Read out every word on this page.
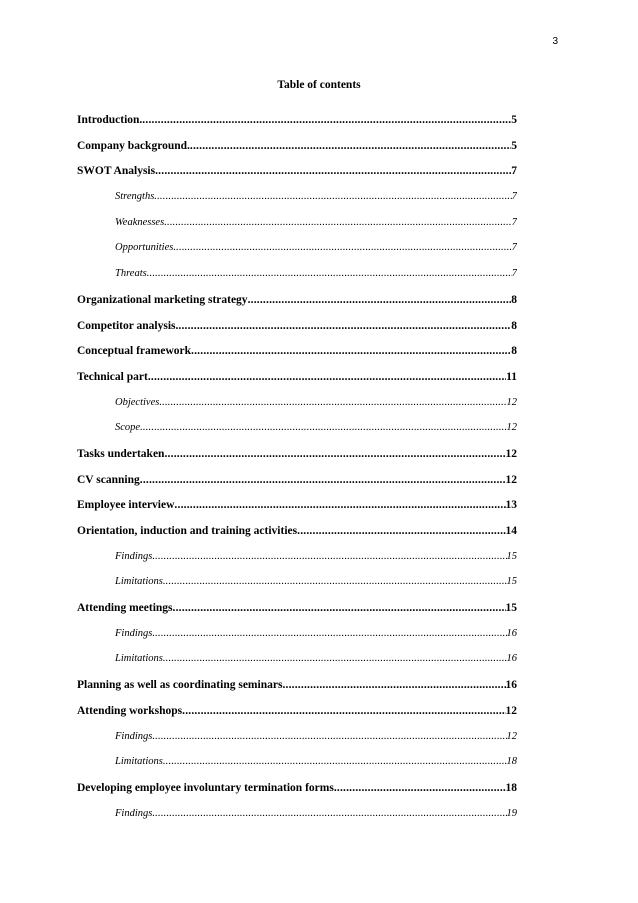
3
Table of contents
Introduction. .....	5
Company background. .....	5
SWOT Analysis .....	7
Strengths .....	7
Weaknesses .....	7
Opportunities .....	7
Threats .....	7
Organizational marketing strategy .....	8
Competitor analysis. .....	8
Conceptual framework .....	8
Technical part .....	11
Objectives .....	12
Scope .....	12
Tasks undertaken .....	12
CV scanning .....	12
Employee interview .....	13
Orientation, induction and training activities .....	14
Findings .....	15
Limitations .....	15
Attending meetings .....	15
Findings .....	16
Limitations .....	16
Planning as well as coordinating seminars .....	16
Attending workshops .....	12
Findings .....	12
Limitations .....	18
Developing employee involuntary termination forms .....	18
Findings .....	19
